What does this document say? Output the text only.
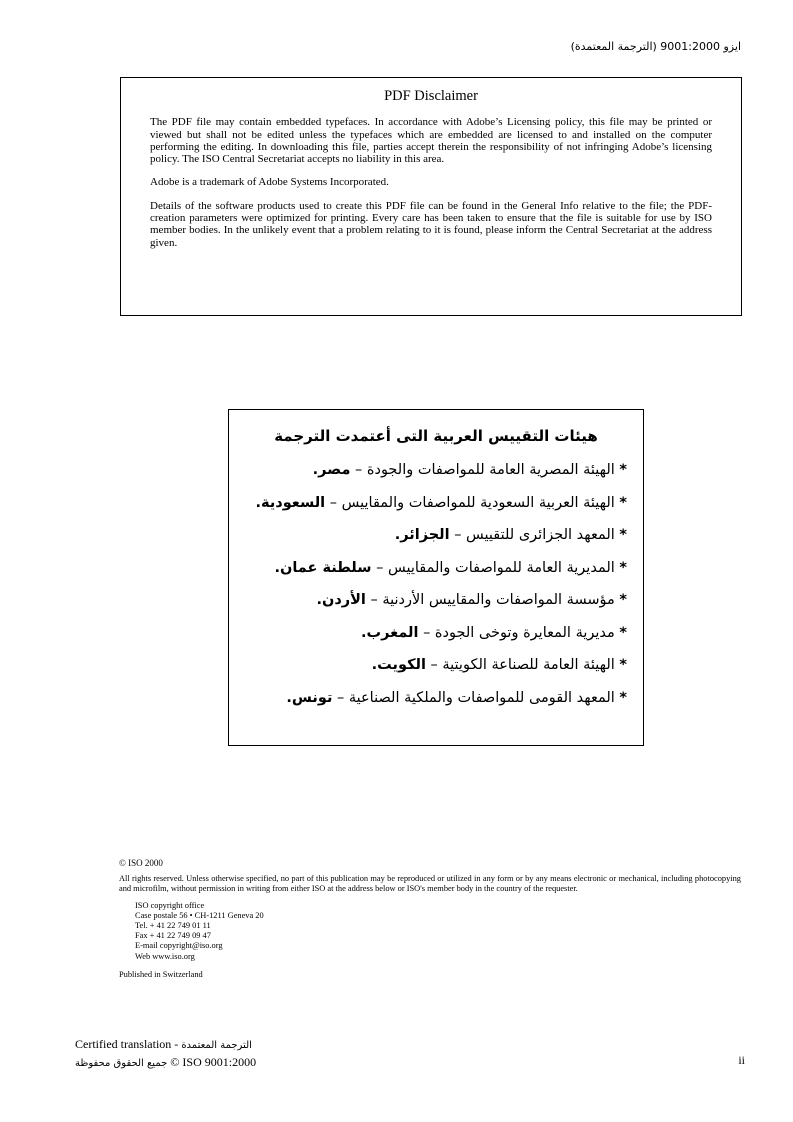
ايزو 9001:2000 (الترجمة المعتمدة)
PDF Disclaimer

The PDF file may contain embedded typefaces. In accordance with Adobe’s Licensing policy, this file may be printed or viewed but shall not be edited unless the typefaces which are embedded are licensed to and installed on the computer performing the editing. In downloading this file, parties accept therein the responsibility of not infringing Adobe’s licensing policy. The ISO Central Secretariat accepts no liability in this area.

Adobe is a trademark of Adobe Systems Incorporated.

Details of the software products used to create this PDF file can be found in the General Info relative to the file; the PDF-creation parameters were optimized for printing. Every care has been taken to ensure that the file is suitable for use by ISO member bodies. In the unlikely event that a problem relating to it is found, please inform the Central Secretariat at the address given.

هيئات التقييس العربية التى أعتمدت الترجمة
* الهيئة المصرية العامة للمواصفات والجودة – مصر.
* الهيئة العربية السعودية للمواصفات والمقاييس – السعودية.
* المعهد الجزائرى للتقييس – الجزائر.
* المديرية العامة للمواصفات والمقاييس – سلطنة عمان.
* مؤسسة المواصفات والمقاييس الأردنية – الأردن.
* مديرية المعايرة وتوخى الجودة – المغرب.
* الهيئة العامة للصناعة الكويتية – الكويت.
* المعهد القومى للمواصفات والملكية الصناعية – تونس.
© ISO 2000
All rights reserved. Unless otherwise specified, no part of this publication may be reproduced or utilized in any form or by any means electronic or mechanical, including photocopying and microfilm, without permission in writing from either ISO at the address below or ISO's member body in the country of the requester.
ISO copyright office
Case postale 56 • CH-1211 Geneva 20
Tel. + 41 22 749 01 11
Fax + 41 22 749 09 47
E-mail copyright@iso.org
Web www.iso.org
Published in Switzerland
Certified translation - الترجمة المعتمدة
جميع الحقوق محفوظة © ISO 9001:2000	ii
